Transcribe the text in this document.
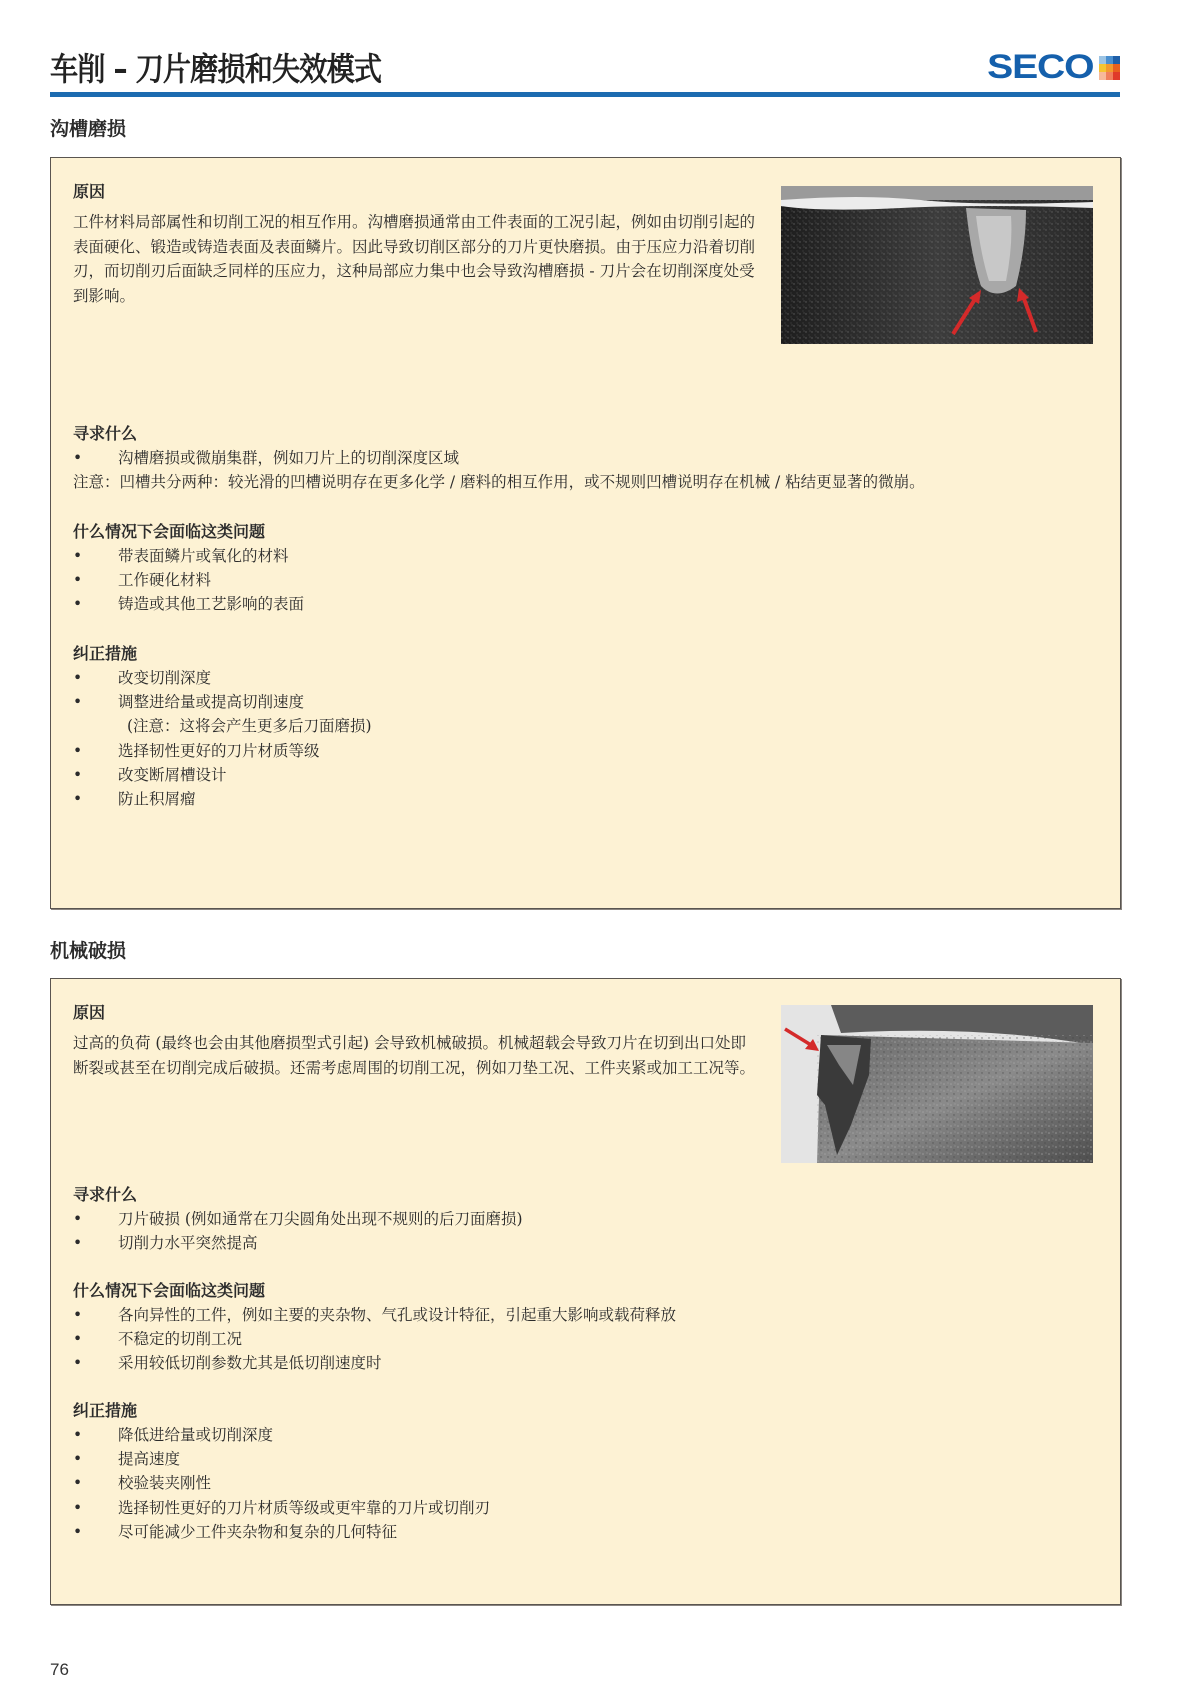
车削 – 刀片磨损和失效模式	SECO
沟槽磨损
原因
工件材料局部属性和切削工况的相互作用。沟槽磨损通常由工件表面的工况引起，例如由切削引起的表面硬化、锻造或铸造表面及表面鳞片。因此导致切削区部分的刀片更快磨损。由于压应力沿着切削刃，而切削刃后面缺乏同样的压应力，这种局部应力集中也会导致沟槽磨损 - 刀片会在切削深度处受到影响。
寻求什么
• 沟槽磨损或微崩集群，例如刀片上的切削深度区域
注意：凹槽共分两种：较光滑的凹槽说明存在更多化学 / 磨料的相互作用，或不规则凹槽说明存在机械 / 粘结更显著的微崩。
什么情况下会面临这类问题
• 带表面鳞片或氧化的材料
• 工作硬化材料
• 铸造或其他工艺影响的表面
纠正措施
• 改变切削深度
• 调整进给量或提高切削速度
(注意：这将会产生更多后刀面磨损)
• 选择韧性更好的刀片材质等级
• 改变断屑槽设计
• 防止积屑瘤
机械破损
原因
过高的负荷 (最终也会由其他磨损型式引起) 会导致机械破损。机械超载会导致刀片在切到出口处即断裂或甚至在切削完成后破损。还需考虑周围的切削工况，例如刀垫工况、工件夹紧或加工工况等。
寻求什么
• 刀片破损 (例如通常在刀尖圆角处出现不规则的后刀面磨损)
• 切削力水平突然提高
什么情况下会面临这类问题
• 各向异性的工件，例如主要的夹杂物、气孔或设计特征，引起重大影响或载荷释放
• 不稳定的切削工况
• 采用较低切削参数尤其是低切削速度时
纠正措施
• 降低进给量或切削深度
• 提高速度
• 校验装夹刚性
• 选择韧性更好的刀片材质等级或更牢靠的刀片或切削刃
• 尽可能减少工件夹杂物和复杂的几何特征
76
